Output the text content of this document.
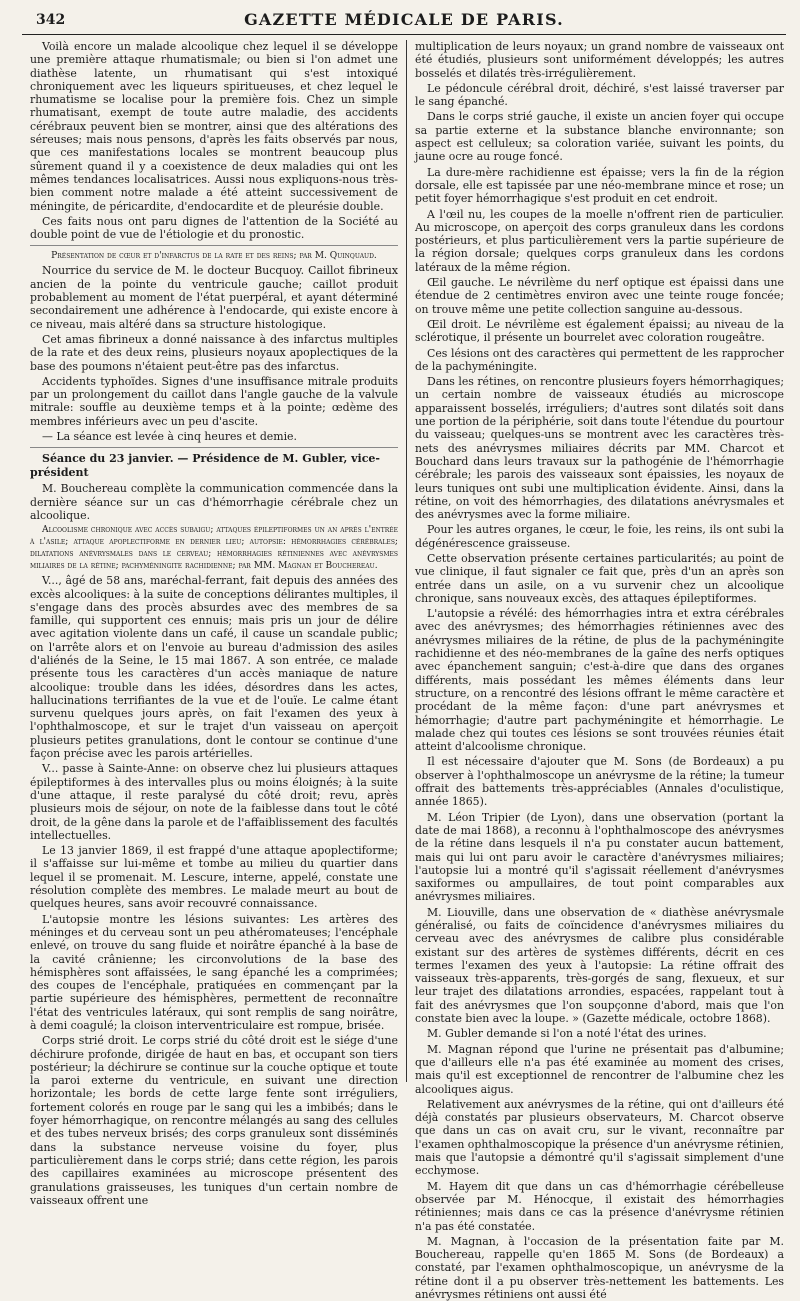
342	GAZETTE MÉDICALE DE PARIS.

Voilà encore un malade alcoolique chez lequel il se développe une première attaque rhumatismale; ou bien si l'on admet une diathèse latente, un rhumatisant qui s'est intoxiqué chroniquement avec les liqueurs spiritueuses, et chez lequel le rhumatisme se localise pour la première fois. Chez un simple rhumatisant, exempt de toute autre maladie, des accidents cérébraux peuvent bien se montrer, ainsi que des altérations des séreuses; mais nous pensons, d'après les faits observés par nous, que ces manifestations locales se montrent beaucoup plus sûrement quand il y a coexistence de deux maladies qui ont les mêmes tendances localisatrices. Aussi nous expliquons-nous très-bien comment notre malade a été atteint successivement de méningite, de péricardite, d'endocardite et de pleurésie double.

Ces faits nous ont paru dignes de l'attention de la Société au double point de vue de l'étiologie et du pronostic.

Présentation de cœur et d'infarctus de la rate et des reins; par M. Quinquaud.

Nourrice du service de M. le docteur Bucquoy. Caillot fibrineux ancien de la pointe du ventricule gauche; caillot produit probablement au moment de l'état puerpéral, et ayant déterminé secondairement une adhérence à l'endocarde, qui existe encore à ce niveau, mais altéré dans sa structure histologique.

Cet amas fibrineux a donné naissance à des infarctus multiples de la rate et des deux reins, plusieurs noyaux apoplectiques de la base des poumons n'étaient peut-être pas des infarctus.

Accidents typhoïdes. Signes d'une insuffisance mitrale produits par un prolongement du caillot dans l'angle gauche de la valvule mitrale: souffle au deuxième temps et à la pointe; œdème des membres inférieurs avec un peu d'ascite.

— La séance est levée à cinq heures et demie.

Séance du 23 janvier. — Présidence de M. Gubler, vice-président

M. Bouchereau complète la communication commencée dans la dernière séance sur un cas d'hémorrhagie cérébrale chez un alcoolique.

Alcoolisme chronique avec accès subaigu; attaques épileptiformes un an après l'entrée à l'asile; attaque apoplectiforme en dernier lieu; autopsie: hémorrhagies cérébrales; dilatations anévrysmales dans le cerveau; hémorrhagies rétiniennes avec anévrysmes miliaires de la rétine; pachyméningite rachidienne; par MM. Magnan et Bouchereau.

V..., âgé de 58 ans, maréchal-ferrant, fait depuis des années des excès alcooliques: à la suite de conceptions délirantes multiples, il s'engage dans des procès absurdes avec des membres de sa famille, qui supportent ces ennuis; mais pris un jour de délire avec agitation violente dans un café, il cause un scandale public; on l'arrête alors et on l'envoie au bureau d'admission des asiles d'aliénés de la Seine, le 15 mai 1867. A son entrée, ce malade présente tous les caractères d'un accès maniaque de nature alcoolique: trouble dans les idées, désordres dans les actes, hallucinations terrifiantes de la vue et de l'ouïe. Le calme étant survenu quelques jours après, on fait l'examen des yeux à l'ophthalmoscope, et sur le trajet d'un vaisseau on aperçoit plusieurs petites granulations, dont le contour se continue d'une façon précise avec les parois artérielles.

V... passe à Sainte-Anne: on observe chez lui plusieurs attaques épileptiformes à des intervalles plus ou moins éloignés; à la suite d'une attaque, il reste paralysé du côté droit; revu, après plusieurs mois de séjour, on note de la faiblesse dans tout le côté droit, de la gêne dans la parole et de l'affaiblissement des facultés intellectuelles.

Le 13 janvier 1869, il est frappé d'une attaque apoplectiforme; il s'affaisse sur lui-même et tombe au milieu du quartier dans lequel il se promenait. M. Lescure, interne, appelé, constate une résolution complète des membres. Le malade meurt au bout de quelques heures, sans avoir recouvré connaissance.

L'autopsie montre les lésions suivantes: Les artères des méninges et du cerveau sont un peu athéromateuses; l'encéphale enlevé, on trouve du sang fluide et noirâtre épanché à la base de la cavité crânienne; les circonvolutions de la base des hémisphères sont affaissées, le sang épanché les a comprimées; des coupes de l'encéphale, pratiquées en commençant par la partie supérieure des hémisphères, permettent de reconnaître l'état des ventricules latéraux, qui sont remplis de sang noirâtre, à demi coagulé; la cloison interventriculaire est rompue, brisée.

Corps strié droit. Le corps strié du côté droit est le siége d'une déchirure profonde, dirigée de haut en bas, et occupant son tiers postérieur; la déchirure se continue sur la couche optique et toute la paroi externe du ventricule, en suivant une direction horizontale; les bords de cette large fente sont irréguliers, fortement colorés en rouge par le sang qui les a imbibés; dans le foyer hémorrhagique, on rencontre mélangés au sang des cellules et des tubes nerveux brisés; des corps granuleux sont disséminés dans la substance nerveuse voisine du foyer, plus particulièrement dans le corps strié; dans cette région, les parois des capillaires examinées au microscope présentent des granulations graisseuses, les tuniques d'un certain nombre de vaisseaux offrent une

multiplication de leurs noyaux; un grand nombre de vaisseaux ont été étudiés, plusieurs sont uniformément développés; les autres bosselés et dilatés très-irrégulièrement.

Le pédoncule cérébral droit, déchiré, s'est laissé traverser par le sang épanché.

Dans le corps strié gauche, il existe un ancien foyer qui occupe sa partie externe et la substance blanche environnante; son aspect est celluleux; sa coloration variée, suivant les points, du jaune ocre au rouge foncé.

La dure-mère rachidienne est épaisse; vers la fin de la région dorsale, elle est tapissée par une néo-membrane mince et rose; un petit foyer hémorrhagique s'est produit en cet endroit.

A l'œil nu, les coupes de la moelle n'offrent rien de particulier. Au microscope, on aperçoit des corps granuleux dans les cordons postérieurs, et plus particulièrement vers la partie supérieure de la région dorsale; quelques corps granuleux dans les cordons latéraux de la même région.

Œil gauche. Le névrilème du nerf optique est épaissi dans une étendue de 2 centimètres environ avec une teinte rouge foncée; on trouve même une petite collection sanguine au-dessous.

Œil droit. Le névrilème est également épaissi; au niveau de la sclérotique, il présente un bourrelet avec coloration rougeâtre.

Ces lésions ont des caractères qui permettent de les rapprocher de la pachyméningite.

Dans les rétines, on rencontre plusieurs foyers hémorrhagiques; un certain nombre de vaisseaux étudiés au microscope apparaissent bosselés, irréguliers; d'autres sont dilatés soit dans une portion de la périphérie, soit dans toute l'étendue du pourtour du vaisseau; quelques-uns se montrent avec les caractères très-nets des anévrysmes miliaires décrits par MM. Charcot et Bouchard dans leurs travaux sur la pathogénie de l'hémorrhagie cérébrale; les parois des vaisseaux sont épaissies, les noyaux de leurs tuniques ont subi une multiplication évidente. Ainsi, dans la rétine, on voit des hémorrhagies, des dilatations anévrysmales et des anévrysmes avec la forme miliaire.

Pour les autres organes, le cœur, le foie, les reins, ils ont subi la dégénérescence graisseuse.

Cette observation présente certaines particularités; au point de vue clinique, il faut signaler ce fait que, près d'un an après son entrée dans un asile, on a vu survenir chez un alcoolique chronique, sans nouveaux excès, des attaques épileptiformes.

L'autopsie a révélé: des hémorrhagies intra et extra cérébrales avec des anévrysmes; des hémorrhagies rétiniennes avec des anévrysmes miliaires de la rétine, de plus de la pachyméningite rachidienne et des néo-membranes de la gaîne des nerfs optiques avec épanchement sanguin; c'est-à-dire que dans des organes différents, mais possédant les mêmes éléments dans leur structure, on a rencontré des lésions offrant le même caractère et procédant de la même façon: d'une part anévrysmes et hémorrhagie; d'autre part pachyméningite et hémorrhagie. Le malade chez qui toutes ces lésions se sont trouvées réunies était atteint d'alcoolisme chronique.

Il est nécessaire d'ajouter que M. Sons (de Bordeaux) a pu observer à l'ophthalmoscope un anévrysme de la rétine; la tumeur offrait des battements très-appréciables (Annales d'oculistique, année 1865).

M. Léon Tripier (de Lyon), dans une observation (portant la date de mai 1868), a reconnu à l'ophthalmoscope des anévrysmes de la rétine dans lesquels il n'a pu constater aucun battement, mais qui lui ont paru avoir le caractère d'anévrysmes miliaires; l'autopsie lui a montré qu'il s'agissait réellement d'anévrysmes saxiformes ou ampullaires, de tout point comparables aux anévrysmes miliaires.

M. Liouville, dans une observation de « diathèse anévrysmale généralisé, ou faits de coïncidence d'anévrysmes miliaires du cerveau avec des anévrysmes de calibre plus considérable existant sur des artères de systèmes différents, décrit en ces termes l'examen des yeux à l'autopsie: La rétine offrait des vaisseaux très-apparents, très-gorgés de sang, flexueux, et sur leur trajet des dilatations arrondies, espacées, rappelant tout à fait des anévrysmes que l'on soupçonne d'abord, mais que l'on constate bien avec la loupe. » (Gazette médicale, octobre 1868).

M. Gubler demande si l'on a noté l'état des urines.

M. Magnan répond que l'urine ne présentait pas d'albumine; que d'ailleurs elle n'a pas été examinée au moment des crises, mais qu'il est exceptionnel de rencontrer de l'albumine chez les alcooliques aigus.

Relativement aux anévrysmes de la rétine, qui ont d'ailleurs été déjà constatés par plusieurs observateurs, M. Charcot observe que dans un cas on avait cru, sur le vivant, reconnaître par l'examen ophthalmoscopique la présence d'un anévrysme rétinien, mais que l'autopsie a démontré qu'il s'agissait simplement d'une ecchymose.

M. Hayem dit que dans un cas d'hémorrhagie cérébelleuse observée par M. Hénocque, il existait des hémorrhagies rétiniennes; mais dans ce cas la présence d'anévrysme rétinien n'a pas été constatée.

M. Magnan, à l'occasion de la présentation faite par M. Bouchereau, rappelle qu'en 1865 M. Sons (de Bordeaux) a constaté, par l'examen ophthalmoscopique, un anévrysme de la rétine dont il a pu observer très-nettement les battements. Les anévrysmes rétiniens ont aussi été
